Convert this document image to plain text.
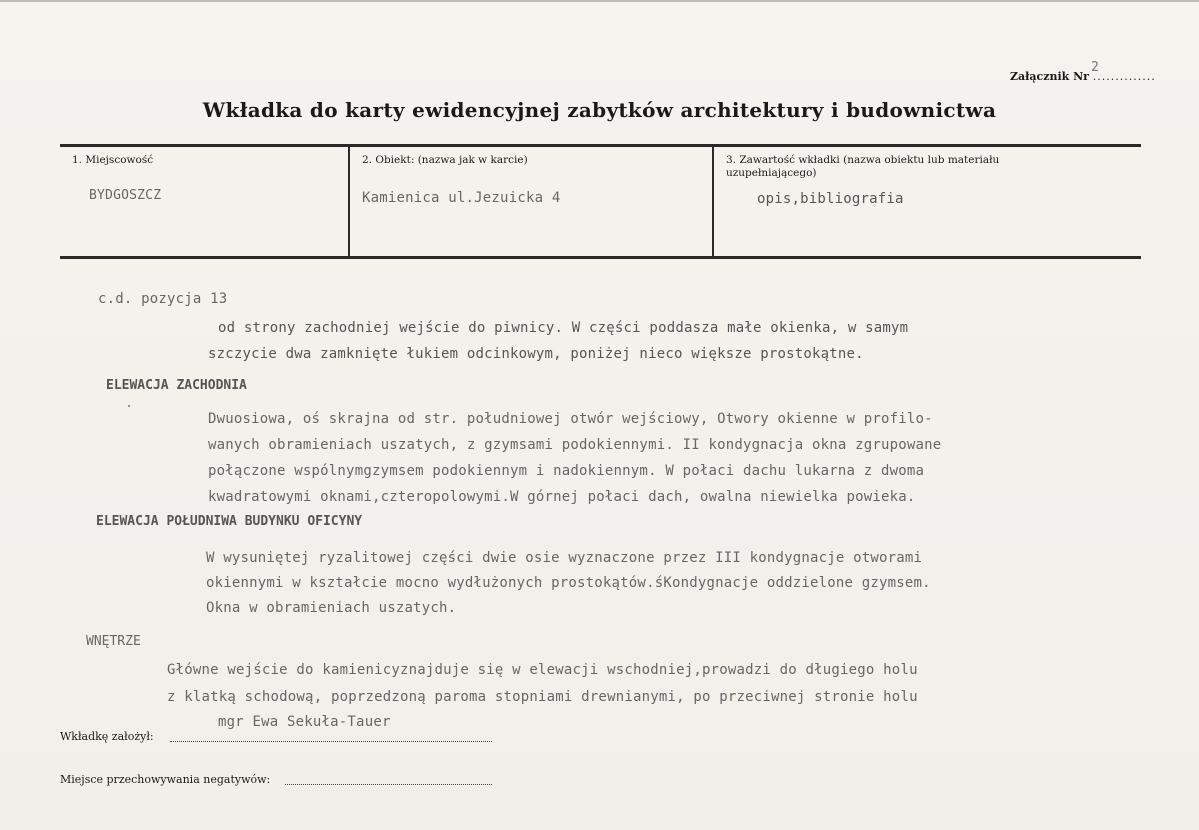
Załącznik Nr ..............
2
Wkładka do karty ewidencyjnej zabytków architektury i budownictwa
1. Miejscowość	2. Obiekt: (nazwa jak w karcie)	3. Zawartość wkładki (nazwa obiektu lub materiału
uzupełniającego)
BYDGOSZCZ	Kamienica ul.Jezuicka 4	opis,bibliografia
c.d. pozycja 13
od strony zachodniej wejście do piwnicy. W części poddasza małe okienka, w samym
szczycie dwa zamknięte łukiem odcinkowym, poniżej nieco większe prostokątne.
ELEWACJA ZACHODNIA
Dwuosiowa, oś skrajna od str. południowej otwór wejściowy, Otwory okienne w profilo-
wanych obramieniach uszatych, z gzymsami podokiennymi. II kondygnacja okna zgrupowane
połączone wspólnymgzymsem podokiennym i nadokiennym. W połaci dachu lukarna z dwoma
kwadratowymi oknami,czteropolowymi.W górnej połaci dach, owalna niewielka powieka.
ELEWACJA POŁUDNIWA BUDYNKU OFICYNY
W wysuniętej ryzalitowej części dwie osie wyznaczone przez III kondygnacje otworami
okiennymi w kształcie mocno wydłużonych prostokątów.śKondygnacje oddzielone gzymsem.
Okna w obramieniach uszatych.
WNĘTRZE
Główne wejście do kamienicyznajduje się w elewacji wschodniej,prowadzi do długiego holu
z klatką schodową, poprzedzoną paroma stopniami drewnianymi, po przeciwnej stronie holu
mgr Ewa Sekuła-Tauer
Wkładkę założył:
Miejsce przechowywania negatywów:
